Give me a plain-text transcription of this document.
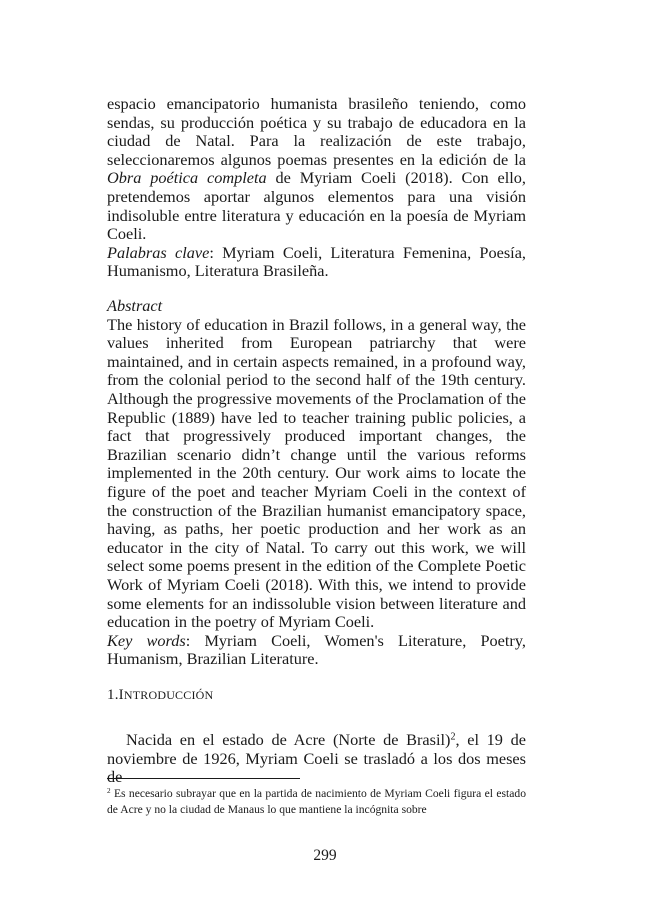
espacio emancipatorio humanista brasileño teniendo, como sendas, su producción poética y su trabajo de educadora en la ciudad de Natal. Para la realización de este trabajo, seleccionaremos algunos poemas presentes en la edición de la Obra poética completa de Myriam Coeli (2018). Con ello, pretendemos aportar algunos elementos para una visión indisoluble entre literatura y educación en la poesía de Myriam Coeli.

Palabras clave: Myriam Coeli, Literatura Femenina, Poesía, Humanismo, Literatura Brasileña.

Abstract

The history of education in Brazil follows, in a general way, the values inherited from European patriarchy that were maintained, and in certain aspects remained, in a profound way, from the colonial period to the second half of the 19th century. Although the progressive movements of the Proclamation of the Republic (1889) have led to teacher training public policies, a fact that progressively produced important changes, the Brazilian scenario didn’t change until the various reforms implemented in the 20th century. Our work aims to locate the figure of the poet and teacher Myriam Coeli in the context of the construction of the Brazilian humanist emancipatory space, having, as paths, her poetic production and her work as an educator in the city of Natal. To carry out this work, we will select some poems present in the edition of the Complete Poetic Work of Myriam Coeli (2018). With this, we intend to provide some elements for an indissoluble vision between literature and education in the poetry of Myriam Coeli.

Key words: Myriam Coeli, Women's Literature, Poetry, Humanism, Brazilian Literature.

1.INTRODUCCIÓN

Nacida en el estado de Acre (Norte de Brasil)$^2$, el 19 de noviembre de 1926, Myriam Coeli se trasladó a los dos meses de

$^2$ Es necesario subrayar que en la partida de nacimiento de Myriam Coeli figura el estado de Acre y no la ciudad de Manaus lo que mantiene la incógnita sobre

299
